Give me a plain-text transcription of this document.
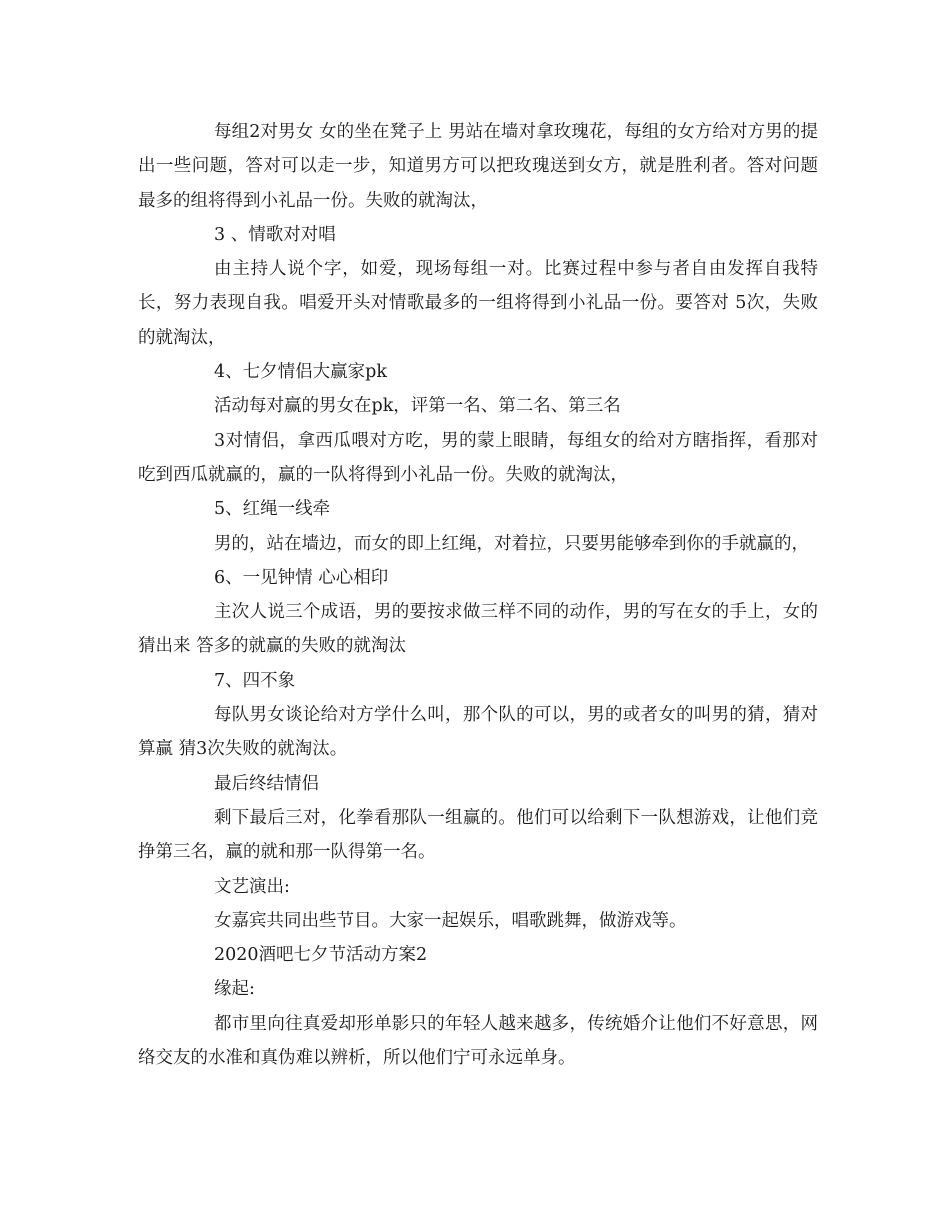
每组2对男女 女的坐在凳子上 男站在墙对拿玫瑰花，每组的女方给对方男的提出一些问题，答对可以走一步，知道男方可以把玫瑰送到女方，就是胜利者。答对问题最多的组将得到小礼品一份。失败的就淘汰，

3 、情歌对对唱

由主持人说个字，如爱，现场每组一对。比赛过程中参与者自由发挥自我特长，努力表现自我。唱爱开头对情歌最多的一组将得到小礼品一份。要答对 5次，失败的就淘汰，

4、七夕情侣大赢家pk

活动每对赢的男女在pk，评第一名、第二名、第三名

3对情侣，拿西瓜喂对方吃，男的蒙上眼睛，每组女的给对方瞎指挥，看那对吃到西瓜就赢的，赢的一队将得到小礼品一份。失败的就淘汰，

5、红绳一线牵

男的，站在墙边，而女的即上红绳，对着拉，只要男能够牵到你的手就赢的，

6、一见钟情 心心相印

主次人说三个成语，男的要按求做三样不同的动作，男的写在女的手上，女的猜出来 答多的就赢的失败的就淘汰

7、四不象

每队男女谈论给对方学什么叫，那个队的可以，男的或者女的叫男的猜，猜对算赢 猜3次失败的就淘汰。

最后终结情侣

剩下最后三对，化拳看那队一组赢的。他们可以给剩下一队想游戏，让他们竞挣第三名，赢的就和那一队得第一名。

文艺演出:

女嘉宾共同出些节目。大家一起娱乐，唱歌跳舞，做游戏等。

2020酒吧七夕节活动方案2

缘起:

都市里向往真爱却形单影只的年轻人越来越多，传统婚介让他们不好意思，网络交友的水准和真伪难以辨析，所以他们宁可永远单身。
